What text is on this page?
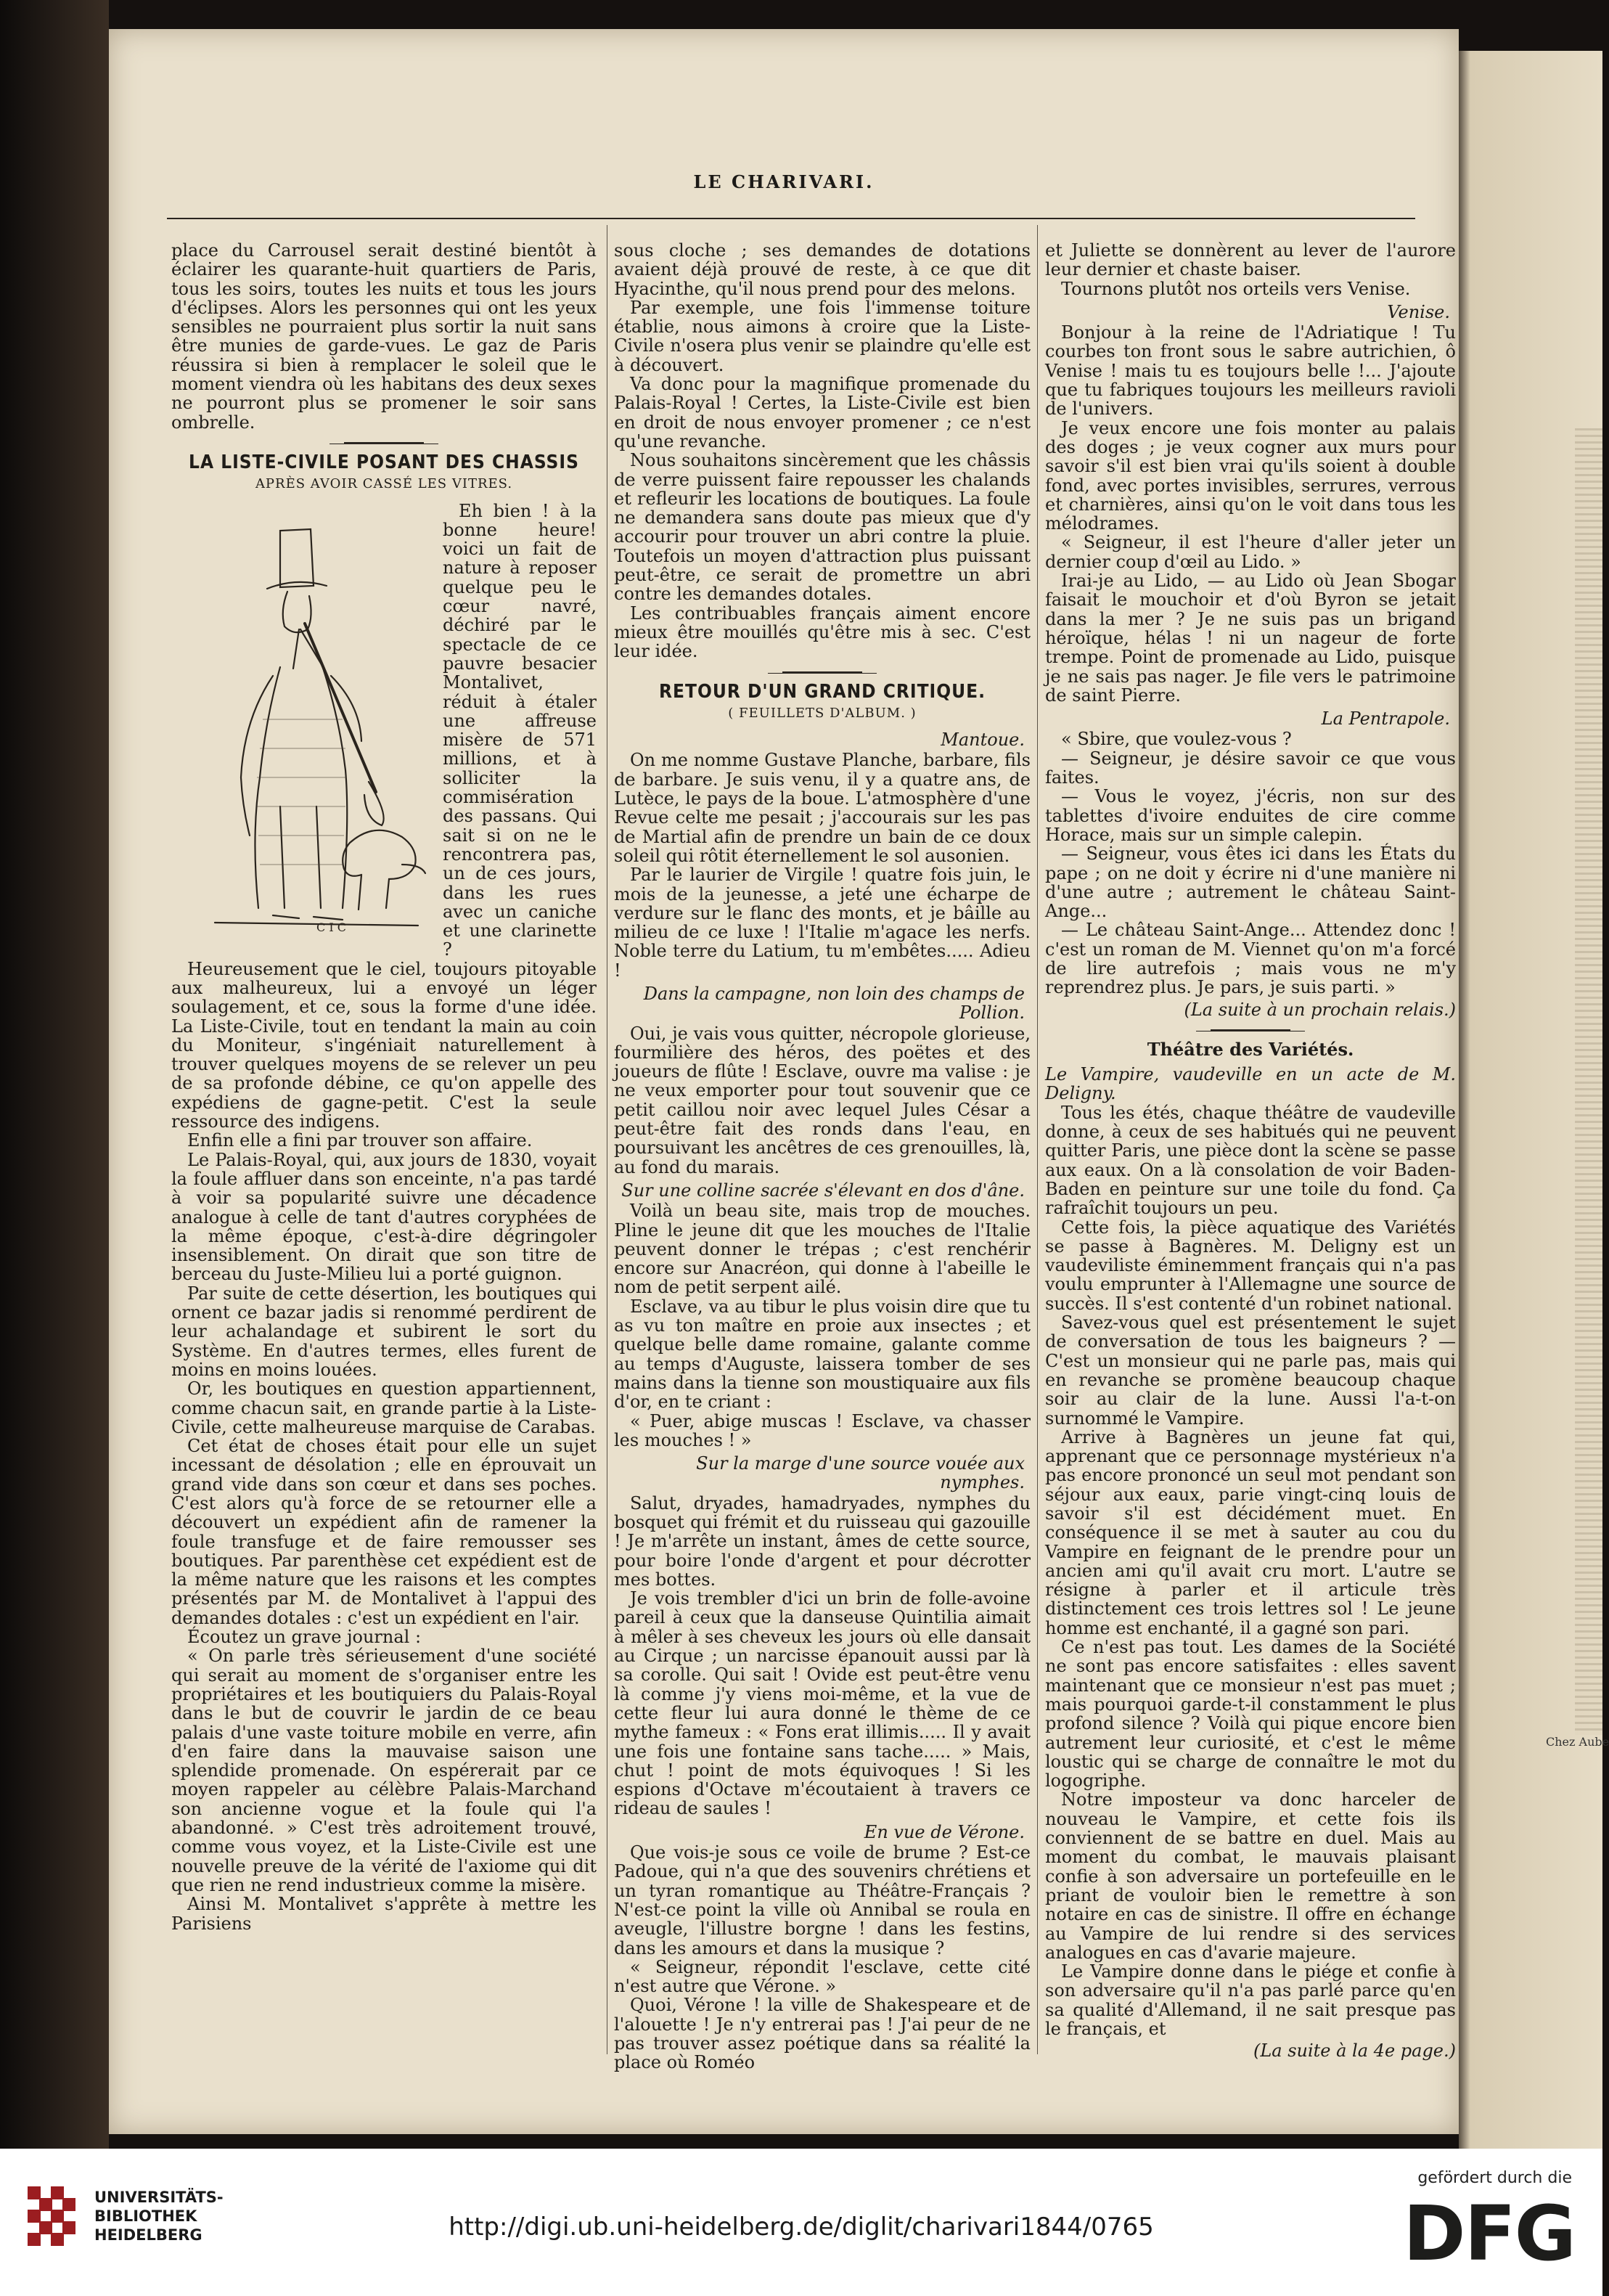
LE CHARIVARI.

place du Carrousel serait destiné bientôt à éclairer les quarante-huit quartiers de Paris, tous les soirs, toutes les nuits et tous les jours d'éclipses. Alors les personnes qui ont les yeux sensibles ne pourraient plus sortir la nuit sans être munies de garde-vues. Le gaz de Paris réussira si bien à remplacer le soleil que le moment viendra où les habitans des deux sexes ne pourront plus se promener le soir sans ombrelle.

LA LISTE-CIVILE POSANT DES CHASSIS
APRÈS AVOIR CASSÉ LES VITRES.
C I C

Eh bien ! à la bonne heure! voici un fait de nature à reposer quelque peu le cœur navré, déchiré par le spectacle de ce pauvre besacier Montalivet, réduit à étaler une affreuse misère de 571 millions, et à solliciter la commisération des passans. Qui sait si on ne le rencontrera pas, un de ces jours, dans les rues avec un caniche et une clarinette ?

Heureusement que le ciel, toujours pitoyable aux malheureux, lui a envoyé un léger soulagement, et ce, sous la forme d'une idée. La Liste-Civile, tout en tendant la main au coin du Moniteur, s'ingéniait naturellement à trouver quelques moyens de se relever un peu de sa profonde débine, ce qu'on appelle des expédiens de gagne-petit. C'est la seule ressource des indigens.

Enfin elle a fini par trouver son affaire.

Le Palais-Royal, qui, aux jours de 1830, voyait la foule affluer dans son enceinte, n'a pas tardé à voir sa popularité suivre une décadence analogue à celle de tant d'autres coryphées de la même époque, c'est-à-dire dégringoler insensiblement. On dirait que son titre de berceau du Juste-Milieu lui a porté guignon.

Par suite de cette désertion, les boutiques qui ornent ce bazar jadis si renommé perdirent de leur achalandage et subirent le sort du Système. En d'autres termes, elles furent de moins en moins louées.

Or, les boutiques en question appartiennent, comme chacun sait, en grande partie à la Liste-Civile, cette malheureuse marquise de Carabas.

Cet état de choses était pour elle un sujet incessant de désolation ; elle en éprouvait un grand vide dans son cœur et dans ses poches. C'est alors qu'à force de se retourner elle a découvert un expédient afin de ramener la foule transfuge et de faire remousser ses boutiques. Par parenthèse cet expédient est de la même nature que les raisons et les comptes présentés par M. de Montalivet à l'appui des demandes dotales : c'est un expédient en l'air.

Écoutez un grave journal :

« On parle très sérieusement d'une société qui serait au moment de s'organiser entre les propriétaires et les boutiquiers du Palais-Royal dans le but de couvrir le jardin de ce beau palais d'une vaste toiture mobile en verre, afin d'en faire dans la mauvaise saison une splendide promenade. On espérerait par ce moyen rappeler au célèbre Palais-Marchand son ancienne vogue et la foule qui l'a abandonné. » C'est très adroitement trouvé, comme vous voyez, et la Liste-Civile est une nouvelle preuve de la vérité de l'axiome qui dit que rien ne rend industrieux comme la misère.

Ainsi M. Montalivet s'apprête à mettre les Parisiens

sous cloche ; ses demandes de dotations avaient déjà prouvé de reste, à ce que dit Hyacinthe, qu'il nous prend pour des melons.

Par exemple, une fois l'immense toiture établie, nous aimons à croire que la Liste-Civile n'osera plus venir se plaindre qu'elle est à découvert.

Va donc pour la magnifique promenade du Palais-Royal ! Certes, la Liste-Civile est bien en droit de nous envoyer promener ; ce n'est qu'une revanche.

Nous souhaitons sincèrement que les châssis de verre puissent faire repousser les chalands et refleurir les locations de boutiques. La foule ne demandera sans doute pas mieux que d'y accourir pour trouver un abri contre la pluie. Toutefois un moyen d'attraction plus puissant peut-être, ce serait de promettre un abri contre les demandes dotales.

Les contribuables français aiment encore mieux être mouillés qu'être mis à sec. C'est leur idée.

RETOUR D'UN GRAND CRITIQUE.
( FEUILLETS D'ALBUM. )

Mantoue.

On me nomme Gustave Planche, barbare, fils de barbare. Je suis venu, il y a quatre ans, de Lutèce, le pays de la boue. L'atmosphère d'une Revue celte me pesait ; j'accourais sur les pas de Martial afin de prendre un bain de ce doux soleil qui rôtit éternellement le sol ausonien.

Par le laurier de Virgile ! quatre fois juin, le mois de la jeunesse, a jeté une écharpe de verdure sur le flanc des monts, et je bâille au milieu de ce luxe ! l'Italie m'agace les nerfs. Noble terre du Latium, tu m'embêtes..... Adieu !

Dans la campagne, non loin des champs de Pollion.

Oui, je vais vous quitter, nécropole glorieuse, fourmilière des héros, des poëtes et des joueurs de flûte ! Esclave, ouvre ma valise : je ne veux emporter pour tout souvenir que ce petit caillou noir avec lequel Jules César a peut-être fait des ronds dans l'eau, en poursuivant les ancêtres de ces grenouilles, là, au fond du marais.

Sur une colline sacrée s'élevant en dos d'âne.

Voilà un beau site, mais trop de mouches. Pline le jeune dit que les mouches de l'Italie peuvent donner le trépas ; c'est renchérir encore sur Anacréon, qui donne à l'abeille le nom de petit serpent ailé.

Esclave, va au tibur le plus voisin dire que tu as vu ton maître en proie aux insectes ; et quelque belle dame romaine, galante comme au temps d'Auguste, laissera tomber de ses mains dans la tienne son moustiquaire aux fils d'or, en te criant :

« Puer, abige muscas ! Esclave, va chasser les mouches ! »

Sur la marge d'une source vouée aux nymphes.

Salut, dryades, hamadryades, nymphes du bosquet qui frémit et du ruisseau qui gazouille ! Je m'arrête un instant, âmes de cette source, pour boire l'onde d'argent et pour décrotter mes bottes.

Je vois trembler d'ici un brin de folle-avoine pareil à ceux que la danseuse Quintilia aimait à mêler à ses cheveux les jours où elle dansait au Cirque ; un narcisse épanouit aussi par là sa corolle. Qui sait ! Ovide est peut-être venu là comme j'y viens moi-même, et la vue de cette fleur lui aura donné le thème de ce mythe fameux : « Fons erat illimis..... Il y avait une fois une fontaine sans tache..... » Mais, chut ! point de mots équivoques ! Si les espions d'Octave m'écoutaient à travers ce rideau de saules !

En vue de Vérone.

Que vois-je sous ce voile de brume ? Est-ce Padoue, qui n'a que des souvenirs chrétiens et un tyran romantique au Théâtre-Français ? N'est-ce point la ville où Annibal se roula en aveugle, l'illustre borgne ! dans les festins, dans les amours et dans la musique ?

« Seigneur, répondit l'esclave, cette cité n'est autre que Vérone. »

Quoi, Vérone ! la ville de Shakespeare et de l'alouette ! Je n'y entrerai pas ! J'ai peur de ne pas trouver assez poétique dans sa réalité la place où Roméo

et Juliette se donnèrent au lever de l'aurore leur dernier et chaste baiser.

Tournons plutôt nos orteils vers Venise.

Venise.

Bonjour à la reine de l'Adriatique ! Tu courbes ton front sous le sabre autrichien, ô Venise ! mais tu es toujours belle !... J'ajoute que tu fabriques toujours les meilleurs ravioli de l'univers.

Je veux encore une fois monter au palais des doges ; je veux cogner aux murs pour savoir s'il est bien vrai qu'ils soient à double fond, avec portes invisibles, serrures, verrous et charnières, ainsi qu'on le voit dans tous les mélodrames.

« Seigneur, il est l'heure d'aller jeter un dernier coup d'œil au Lido. »

Irai-je au Lido, — au Lido où Jean Sbogar faisait le mouchoir et d'où Byron se jetait dans la mer ? Je ne suis pas un brigand héroïque, hélas ! ni un nageur de forte trempe. Point de promenade au Lido, puisque je ne sais pas nager. Je file vers le patrimoine de saint Pierre.

La Pentrapole.

« Sbire, que voulez-vous ?

— Seigneur, je désire savoir ce que vous faites.

— Vous le voyez, j'écris, non sur des tablettes d'ivoire enduites de cire comme Horace, mais sur un simple calepin.

— Seigneur, vous êtes ici dans les États du pape ; on ne doit y écrire ni d'une manière ni d'une autre ; autrement le château Saint-Ange...

— Le château Saint-Ange... Attendez donc ! c'est un roman de M. Viennet qu'on m'a forcé de lire autrefois ; mais vous ne m'y reprendrez plus. Je pars, je suis parti. »

(La suite à un prochain relais.)

Théâtre des Variétés.

Le Vampire, vaudeville en un acte de M. Deligny.

Tous les étés, chaque théâtre de vaudeville donne, à ceux de ses habitués qui ne peuvent quitter Paris, une pièce dont la scène se passe aux eaux. On a là consolation de voir Baden-Baden en peinture sur une toile du fond. Ça rafraîchit toujours un peu.

Cette fois, la pièce aquatique des Variétés se passe à Bagnères. M. Deligny est un vaudeviliste éminemment français qui n'a pas voulu emprunter à l'Allemagne une source de succès. Il s'est contenté d'un robinet national.

Savez-vous quel est présentement le sujet de conversation de tous les baigneurs ? — C'est un monsieur qui ne parle pas, mais qui en revanche se promène beaucoup chaque soir au clair de la lune. Aussi l'a-t-on surnommé le Vampire.

Arrive à Bagnères un jeune fat qui, apprenant que ce personnage mystérieux n'a pas encore prononcé un seul mot pendant son séjour aux eaux, parie vingt-cinq louis de savoir s'il est décidément muet. En conséquence il se met à sauter au cou du Vampire en feignant de le prendre pour un ancien ami qu'il avait cru mort. L'autre se résigne à parler et il articule très distinctement ces trois lettres sol ! Le jeune homme est enchanté, il a gagné son pari.

Ce n'est pas tout. Les dames de la Société ne sont pas encore satisfaites : elles savent maintenant que ce monsieur n'est pas muet ; mais pourquoi garde-t-il constamment le plus profond silence ? Voilà qui pique encore bien autrement leur curiosité, et c'est le même loustic qui se charge de connaître le mot du logogriphe.

Notre imposteur va donc harceler de nouveau le Vampire, et cette fois ils conviennent de se battre en duel. Mais au moment du combat, le mauvais plaisant confie à son adversaire un portefeuille en le priant de vouloir bien le remettre à son notaire en cas de sinistre. Il offre en échange au Vampire de lui rendre si des services analogues en cas d'avarie majeure.

Le Vampire donne dans le piége et confie à son adversaire qu'il n'a pas parlé parce qu'en sa qualité d'Allemand, il ne sait presque pas le français, et

(La suite à la 4e page.)

Chez Aube
UNIVERSITÄTS-
BIBLIOTHEK
HEIDELBERG	http://digi.ub.uni-heidelberg.de/diglit/charivari1844/0765
gefördert durch die
DFG
